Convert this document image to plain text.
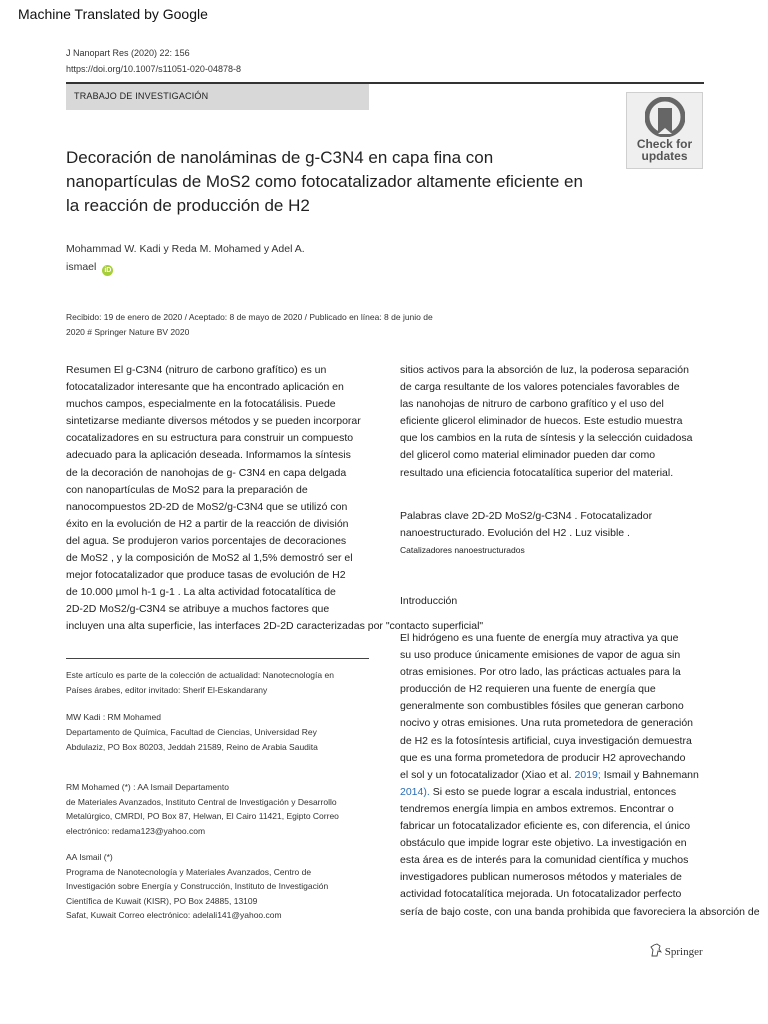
Machine Translated by Google
J Nanopart Res (2020) 22: 156
https://doi.org/10.1007/s11051-020-04878-8
TRABAJO DE INVESTIGACIÓN
Check for
updates
Decoración de nanoláminas de g-C3N4 en capa fina con
nanopartículas de MoS2 como fotocatalizador altamente eficiente en
la reacción de producción de H2
Mohammad W. Kadi y Reda M. Mohamed y Adel A.
ismael iD
Recibido: 19 de enero de 2020 / Aceptado: 8 de mayo de 2020 / Publicado en línea: 8 de junio de
2020 # Springer Nature BV 2020
Resumen El g-C3N4 (nitruro de carbono grafítico) es un
fotocatalizador interesante que ha encontrado aplicación en
muchos campos, especialmente en la fotocatálisis. Puede
sintetizarse mediante diversos métodos y se pueden incorporar
cocatalizadores en su estructura para construir un compuesto
adecuado para la aplicación deseada. Informamos la síntesis
de la decoración de nanohojas de g- C3N4 en capa delgada
con nanopartículas de MoS2 para la preparación de
nanocompuestos 2D-2D de MoS2/g-C3N4 que se utilizó con
éxito en la evolución de H2 a partir de la reacción de división
del agua. Se produjeron varios porcentajes de decoraciones
de MoS2 , y la composición de MoS2 al 1,5% demostró ser el
mejor fotocatalizador que produce tasas de evolución de H2
de 10.000 µmol h-1 g-1 . La alta actividad fotocatalítica de
2D-2D MoS2/g-C3N4 se atribuye a muchos factores que
incluyen una alta superficie, las interfaces 2D-2D caracterizadas por "contacto superficial"
sitios activos para la absorción de luz, la poderosa separación
de carga resultante de los valores potenciales favorables de
las nanohojas de nitruro de carbono grafítico y el uso del
eficiente glicerol eliminador de huecos. Este estudio muestra
que los cambios en la ruta de síntesis y la selección cuidadosa
del glicerol como material eliminador pueden dar como
resultado una eficiencia fotocatalítica superior del material.
Palabras clave 2D-2D MoS2/g-C3N4 . Fotocatalizador
nanoestructurado. Evolución del H2 . Luz visible .
Catalizadores nanoestructurados
Introducción
El hidrógeno es una fuente de energía muy atractiva ya que
su uso produce únicamente emisiones de vapor de agua sin
otras emisiones. Por otro lado, las prácticas actuales para la
producción de H2 requieren una fuente de energía que
generalmente son combustibles fósiles que generan carbono
nocivo y otras emisiones. Una ruta prometedora de generación
de H2 es la fotosíntesis artificial, cuya investigación demuestra
que es una forma prometedora de producir H2 aprovechando
el sol y un fotocatalizador (Xiao et al. 2019; Ismail y Bahnemann
2014). Si esto se puede lograr a escala industrial, entonces
tendremos energía limpia en ambos extremos. Encontrar o
fabricar un fotocatalizador eficiente es, con diferencia, el único
obstáculo que impide lograr este objetivo. La investigación en
esta área es de interés para la comunidad científica y muchos
investigadores publican numerosos métodos y materiales de
actividad fotocatalítica mejorada. Un fotocatalizador perfecto
sería de bajo coste, con una banda prohibida que favoreciera la absorción de
Este artículo es parte de la colección de actualidad: Nanotecnología en
Países árabes, editor invitado: Sherif El-Eskandarany
MW Kadi : RM Mohamed
Departamento de Química, Facultad de Ciencias, Universidad Rey
Abdulaziz, PO Box 80203, Jeddah 21589, Reino de Arabia Saudita
RM Mohamed (*) : AA Ismail Departamento
de Materiales Avanzados, Instituto Central de Investigación y Desarrollo
Metalúrgico, CMRDI, PO Box 87, Helwan, El Cairo 11421, Egipto Correo
electrónico: redama123@yahoo.com
AA Ismail (*)
Programa de Nanotecnología y Materiales Avanzados, Centro de
Investigación sobre Energía y Construcción, Instituto de Investigación
Científica de Kuwait (KISR), PO Box 24885, 13109
Safat, Kuwait Correo electrónico: adelali141@yahoo.com
Springer
